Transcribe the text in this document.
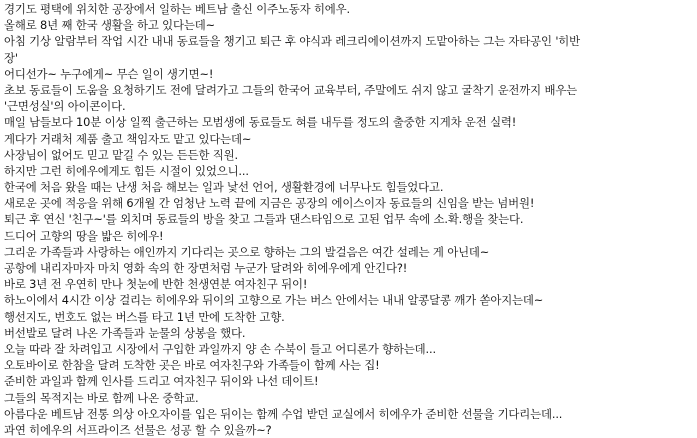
경기도 평택에 위치한 공장에서 일하는 베트남 출신 이주노동자 히에우.
올해로 8년 째 한국 생활을 하고 있다는데~
아침 기상 알람부터 작업 시간 내내 동료들을 챙기고 퇴근 후 야식과 레크리에이션까지 도맡아하는 그는 자타공인 '히반
장'
어디선가~ 누구에게~ 무슨 일이 생기면~!
초보 동료들이 도움을 요청하기도 전에 달려가고 그들의 한국어 교육부터, 주말에도 쉬지 않고 굴착기 운전까지 배우는
'근면성실'의 아이콘이다.
매일 남들보다 10분 이상 일찍 출근하는 모범생에 동료들도 혀를 내두를 정도의 출중한 지게차 운전 실력!
게다가 거래처 제품 출고 책임자도 맡고 있다는데~
사장님이 없어도 믿고 맡길 수 있는 든든한 직원.
하지만 그런 히에우에게도 힘든 시절이 있었으니...
한국에 처음 왔을 때는 난생 처음 해보는 일과 낯선 언어, 생활환경에 너무나도 힘들었다고.
새로운 곳에 적응을 위해 6개월 간 엄청난 노력 끝에 지금은 공장의 에이스이자 동료들의 신임을 받는 넘버원!
퇴근 후 연신 '친구~'를 외치며 동료들의 방을 찾고 그들과 댄스타임으로 고된 업무 속에 소.확.행을 찾는다.
드디어 고향의 땅을 밟은 히에우!
그리운 가족들과 사랑하는 애인까지 기다리는 곳으로 향하는 그의 발걸음은 여간 설레는 게 아닌데~
공항에 내리자마자 마치 영화 속의 한 장면처럼 누군가 달려와 히에우에게 안긴다?!
바로 3년 전 우연히 만나 첫눈에 반한 천생연분 여자친구 뒤이!
하노이에서 4시간 이상 걸리는 히에우와 뒤이의 고향으로 가는 버스 안에서는 내내 알콩달콩 깨가 쏟아지는데~
행선지도, 번호도 없는 버스를 타고 1년 만에 도착한 고향.
버선발로 달려 나온 가족들과 눈물의 상봉을 했다.
오늘 따라 잘 차려입고 시장에서 구입한 과일까지 양 손 수북이 들고 어디론가 향하는데...
오토바이로 한참을 달려 도착한 곳은 바로 여자친구와 가족들이 함께 사는 집!
준비한 과일과 함께 인사를 드리고 여자친구 뒤이와 나선 데이트!
그들의 목적지는 바로 함께 나온 중학교.
아름다운 베트남 전통 의상 아오자이를 입은 뒤이는 함께 수업 받던 교실에서 히에우가 준비한 선물을 기다리는데...
과연 히에우의 서프라이즈 선물은 성공 할 수 있을까~?
